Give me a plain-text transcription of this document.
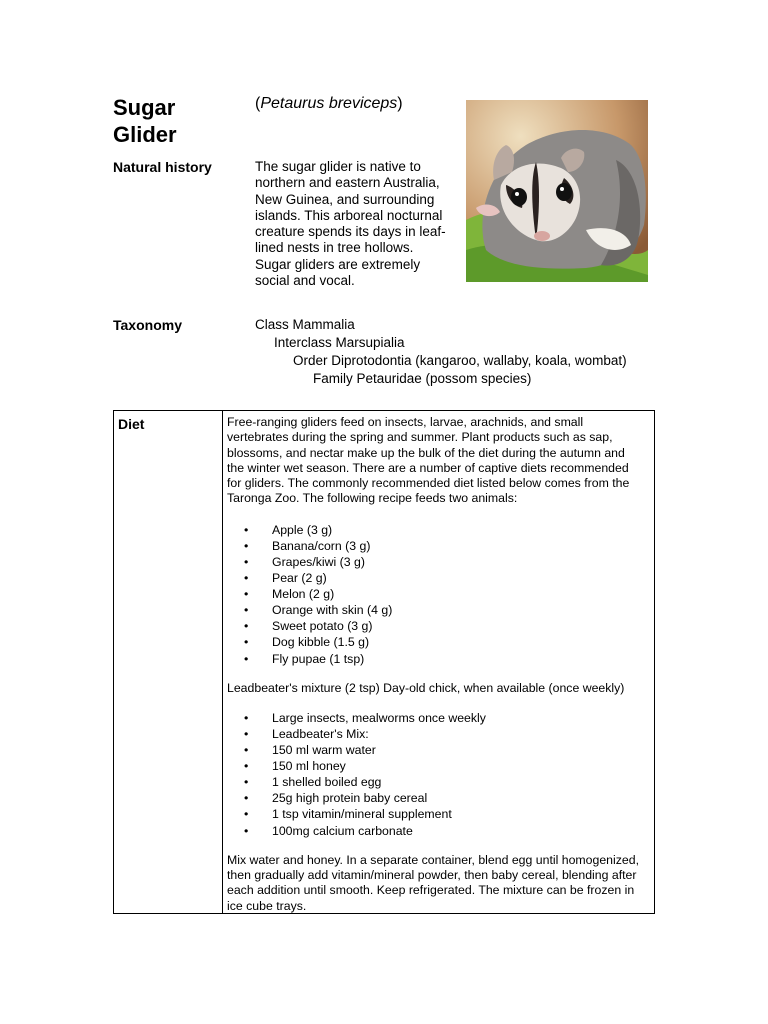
Sugar
Glider
(Petaurus breviceps)
Natural history	The sugar glider is native to
northern and eastern Australia,
New Guinea, and surrounding
islands. This arboreal nocturnal
creature spends its days in leaf-
lined nests in tree hollows.
Sugar gliders are extremely
social and vocal.
Taxonomy	Class Mammalia
Interclass Marsupialia
Order Diprotodontia (kangaroo, wallaby, koala, wombat)
Family Petauridae (possom species)
Diet	Free-ranging gliders feed on insects, larvae, arachnids, and small
vertebrates during the spring and summer. Plant products such as sap,
blossoms, and nectar make up the bulk of the diet during the autumn and
the winter wet season. There are a number of captive diets recommended
for gliders. The commonly recommended diet listed below comes from the
Taronga Zoo. The following recipe feeds two animals:

• Apple (3 g)
• Banana/corn (3 g)
• Grapes/kiwi (3 g)
• Pear (2 g)
• Melon (2 g)
• Orange with skin (4 g)
• Sweet potato (3 g)
• Dog kibble (1.5 g)
• Fly pupae (1 tsp)

Leadbeater's mixture (2 tsp) Day-old chick, when available (once weekly)

• Large insects, mealworms once weekly
• Leadbeater's Mix:
• 150 ml warm water
• 150 ml honey
• 1 shelled boiled egg
• 25g high protein baby cereal
• 1 tsp vitamin/mineral supplement
• 100mg calcium carbonate

Mix water and honey. In a separate container, blend egg until homogenized,
then gradually add vitamin/mineral powder, then baby cereal, blending after
each addition until smooth. Keep refrigerated. The mixture can be frozen in
ice cube trays.
